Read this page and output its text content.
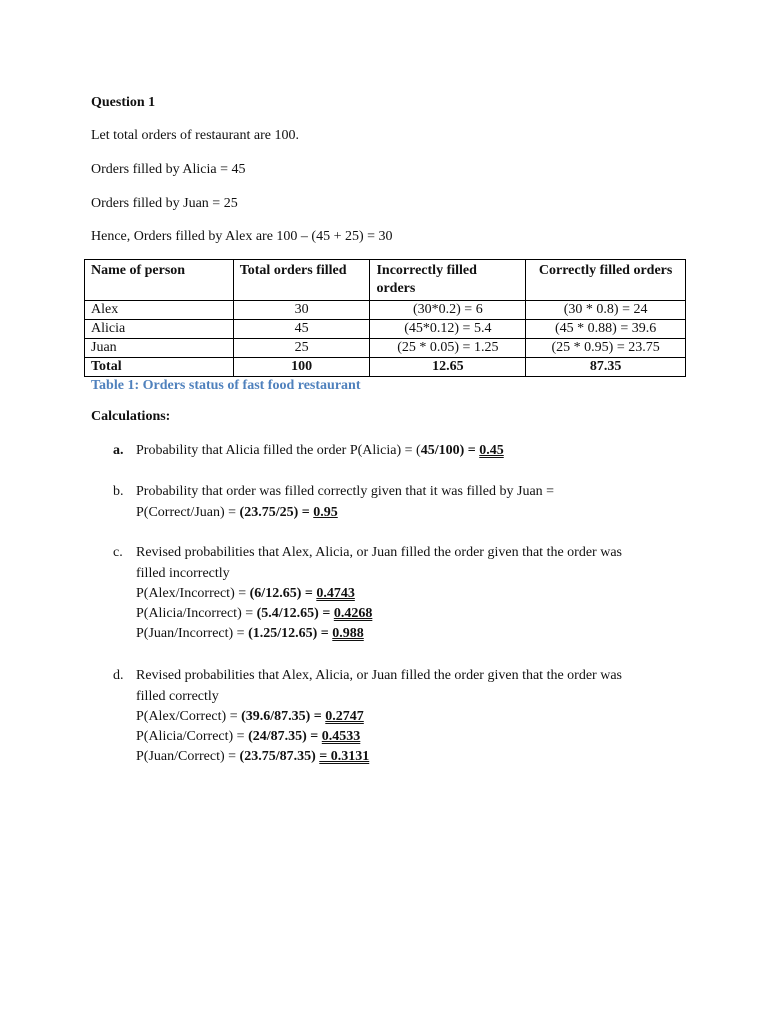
Question 1
Let total orders of restaurant are 100.
Orders filled by Alicia = 45
Orders filled by Juan = 25
Hence, Orders filled by Alex are 100 – (45 + 25) = 30
Name of person	Total orders filled	Incorrectly filled orders	Correctly filled orders
Alex	30	(30*0.2) = 6	(30 * 0.8) = 24
Alicia	45	(45*0.12) = 5.4	(45 * 0.88) = 39.6
Juan	25	(25 * 0.05) = 1.25	(25 * 0.95) = 23.75
Total	100	12.65	87.35
Table 1: Orders status of fast food restaurant
Calculations:
a. Probability that Alicia filled the order P(Alicia) = (45/100) = 0.45
b. Probability that order was filled correctly given that it was filled by Juan =
P(Correct/Juan) = (23.75/25) = 0.95
c. Revised probabilities that Alex, Alicia, or Juan filled the order given that the order was
filled incorrectly
P(Alex/Incorrect) = (6/12.65) = 0.4743
P(Alicia/Incorrect) = (5.4/12.65) = 0.4268
P(Juan/Incorrect) = (1.25/12.65) = 0.988
d. Revised probabilities that Alex, Alicia, or Juan filled the order given that the order was
filled correctly
P(Alex/Correct) = (39.6/87.35) = 0.2747
P(Alicia/Correct) = (24/87.35) = 0.4533
P(Juan/Correct) = (23.75/87.35) = 0.3131
